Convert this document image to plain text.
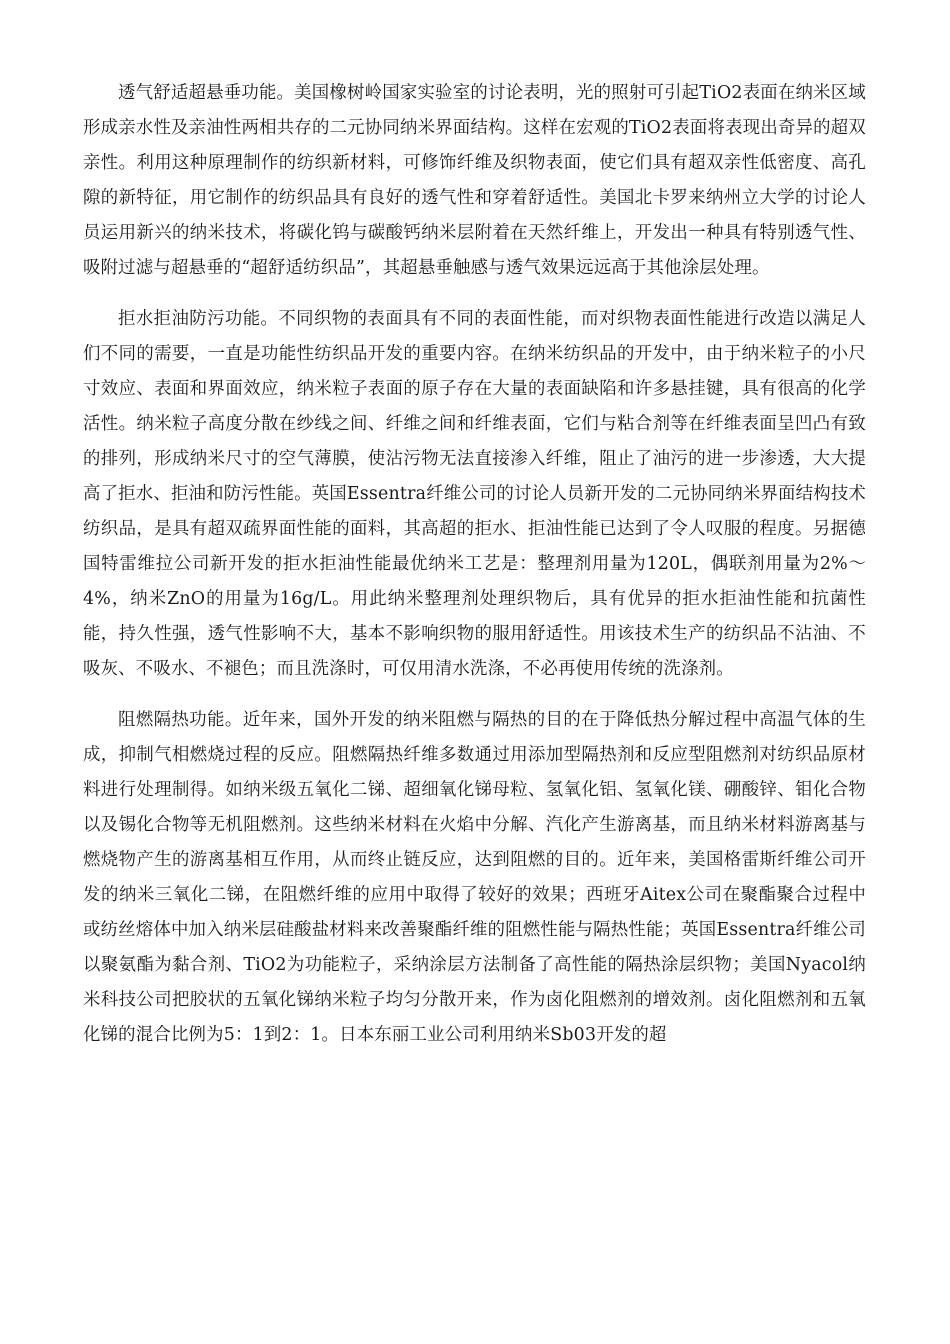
透气舒适超悬垂功能。美国橡树岭国家实验室的讨论表明，光的照射可引起TiO2表面在纳米区域形成亲水性及亲油性两相共存的二元协同纳米界面结构。这样在宏观的TiO2表面将表现出奇异的超双亲性。利用这种原理制作的纺织新材料，可修饰纤维及织物表面，使它们具有超双亲性低密度、高孔隙的新特征，用它制作的纺织品具有良好的透气性和穿着舒适性。美国北卡罗来纳州立大学的讨论人员运用新兴的纳米技术，将碳化钨与碳酸钙纳米层附着在天然纤维上，开发出一种具有特别透气性、吸附过滤与超悬垂的“超舒适纺织品”，其超悬垂触感与透气效果远远高于其他涂层处理。

拒水拒油防污功能。不同织物的表面具有不同的表面性能，而对织物表面性能进行改造以满足人们不同的需要，一直是功能性纺织品开发的重要内容。在纳米纺织品的开发中，由于纳米粒子的小尺寸效应、表面和界面效应，纳米粒子表面的原子存在大量的表面缺陷和许多悬挂键，具有很高的化学活性。纳米粒子高度分散在纱线之间、纤维之间和纤维表面，它们与粘合剂等在纤维表面呈凹凸有致的排列，形成纳米尺寸的空气薄膜，使沾污物无法直接渗入纤维，阻止了油污的进一步渗透，大大提高了拒水、拒油和防污性能。英国Essentra纤维公司的讨论人员新开发的二元协同纳米界面结构技术纺织品，是具有超双疏界面性能的面料，其高超的拒水、拒油性能已达到了令人叹服的程度。另据德国特雷维拉公司新开发的拒水拒油性能最优纳米工艺是：整理剂用量为120L，偶联剂用量为2%～4%，纳米ZnO的用量为16g/L。用此纳米整理剂处理织物后，具有优异的拒水拒油性能和抗菌性能，持久性强，透气性影响不大，基本不影响织物的服用舒适性。用该技术生产的纺织品不沾油、不吸灰、不吸水、不褪色；而且洗涤时，可仅用清水洗涤，不必再使用传统的洗涤剂。

阻燃隔热功能。近年来，国外开发的纳米阻燃与隔热的目的在于降低热分解过程中高温气体的生成，抑制气相燃烧过程的反应。阻燃隔热纤维多数通过用添加型隔热剂和反应型阻燃剂对纺织品原材料进行处理制得。如纳米级五氧化二锑、超细氧化锑母粒、氢氧化铝、氢氧化镁、硼酸锌、钼化合物以及锡化合物等无机阻燃剂。这些纳米材料在火焰中分解、汽化产生游离基，而且纳米材料游离基与燃烧物产生的游离基相互作用，从而终止链反应，达到阻燃的目的。近年来，美国格雷斯纤维公司开发的纳米三氧化二锑，在阻燃纤维的应用中取得了较好的效果；西班牙Aitex公司在聚酯聚合过程中或纺丝熔体中加入纳米层硅酸盐材料来改善聚酯纤维的阻燃性能与隔热性能；英国Essentra纤维公司以聚氨酯为黏合剂、TiO2为功能粒子，采纳涂层方法制备了高性能的隔热涂层织物；美国Nyacol纳米科技公司把胶状的五氧化锑纳米粒子均匀分散开来，作为卤化阻燃剂的增效剂。卤化阻燃剂和五氧化锑的混合比例为5：1到2：1。日本东丽工业公司利用纳米Sb03开发的超
